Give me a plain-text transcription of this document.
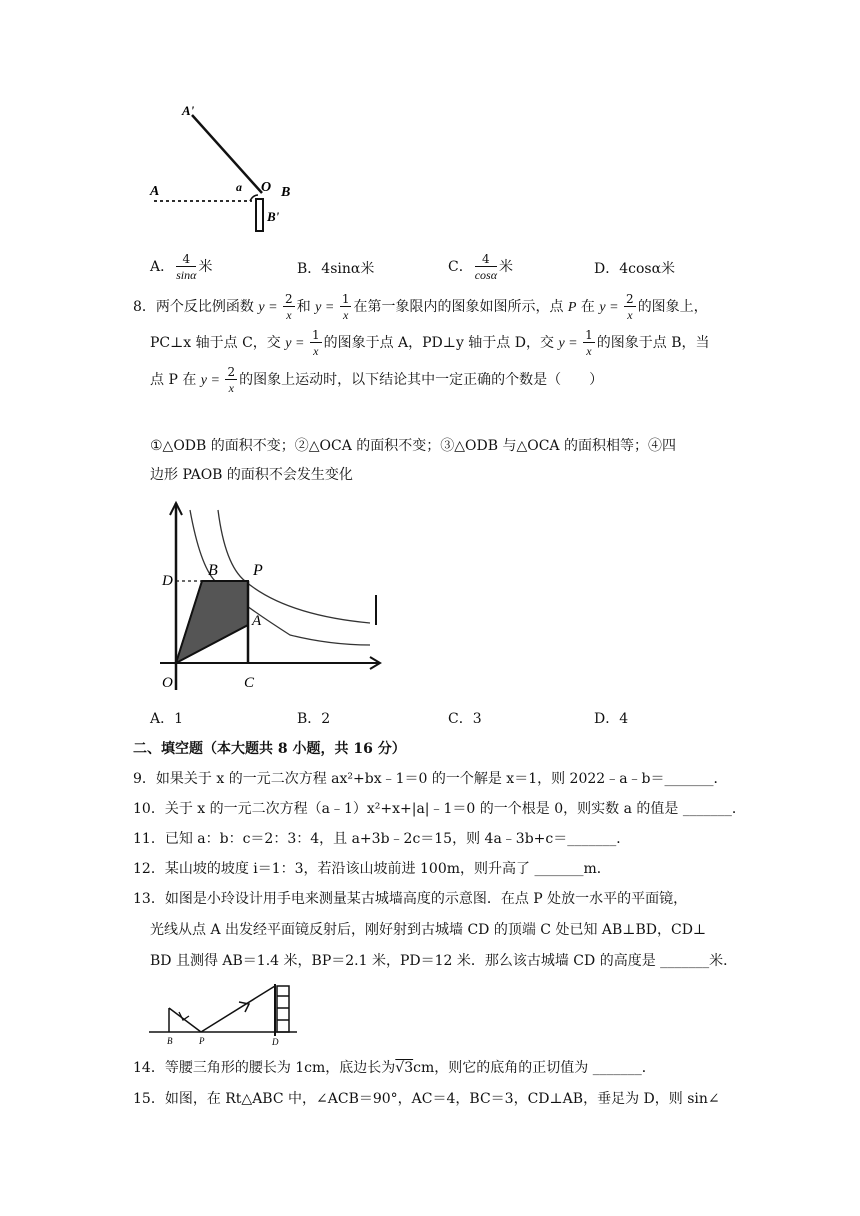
A'
A	a O B
B'
A． $\frac{4}{\sin\alpha}$ 米	B．4sinα米	C． $\frac{4}{\cos\alpha}$ 米	D．4cosα米
8．两个反比例函数 $y = \frac{2}{x}$ 和 $y = \frac{1}{x}$ 在第一象限内的图象如图所示，点 P 在 $y = \frac{2}{x}$ 的图象上，
PC⊥x 轴于点 C，交 $y = \frac{1}{x}$ 的图象于点 A，PD⊥y 轴于点 D，交 $y = \frac{1}{x}$ 的图象于点 B，当
点 P 在 $y = \frac{2}{x}$ 的图象上运动时，以下结论其中一定正确的个数是（　　）
①△ODB 的面积不变；②△OCA 的面积不变；③△ODB 与△OCA 的面积相等；④四
边形 PAOB 的面积不会发生变化
D
B P
A
O	C
A．1	B．2	C．3	D．4
二、填空题（本大题共 8 小题，共 16 分）
9．如果关于 x 的一元二次方程 ax²+bx﹣1＝0 的一个解是 x＝1，则 2022﹣a﹣b＝_______．
10．关于 x 的一元二次方程（a﹣1）x²+x+|a|﹣1＝0 的一个根是 0，则实数 a 的值是 _______．
11．已知 a：b：c＝2：3：4，且 a+3b﹣2c＝15，则 4a﹣3b+c＝_______．
12．某山坡的坡度 i＝1：3，若沿该山坡前进 100m，则升高了 _______m．
13．如图是小玲设计用手电来测量某古城墙高度的示意图．在点 P 处放一水平的平面镜，
光线从点 A 出发经平面镜反射后，刚好射到古城墙 CD 的顶端 C 处已知 AB⊥BD，CD⊥
BD 且测得 AB＝1.4 米，BP＝2.1 米，PD＝12 米．那么该古城墙 CD 的高度是 _______米．
B	P	D
14．等腰三角形的腰长为 1cm，底边长为√3cm，则它的底角的正切值为 _______．
15．如图，在 Rt△ABC 中，∠ACB＝90°，AC＝4，BC＝3，CD⊥AB，垂足为 D，则 sin∠
